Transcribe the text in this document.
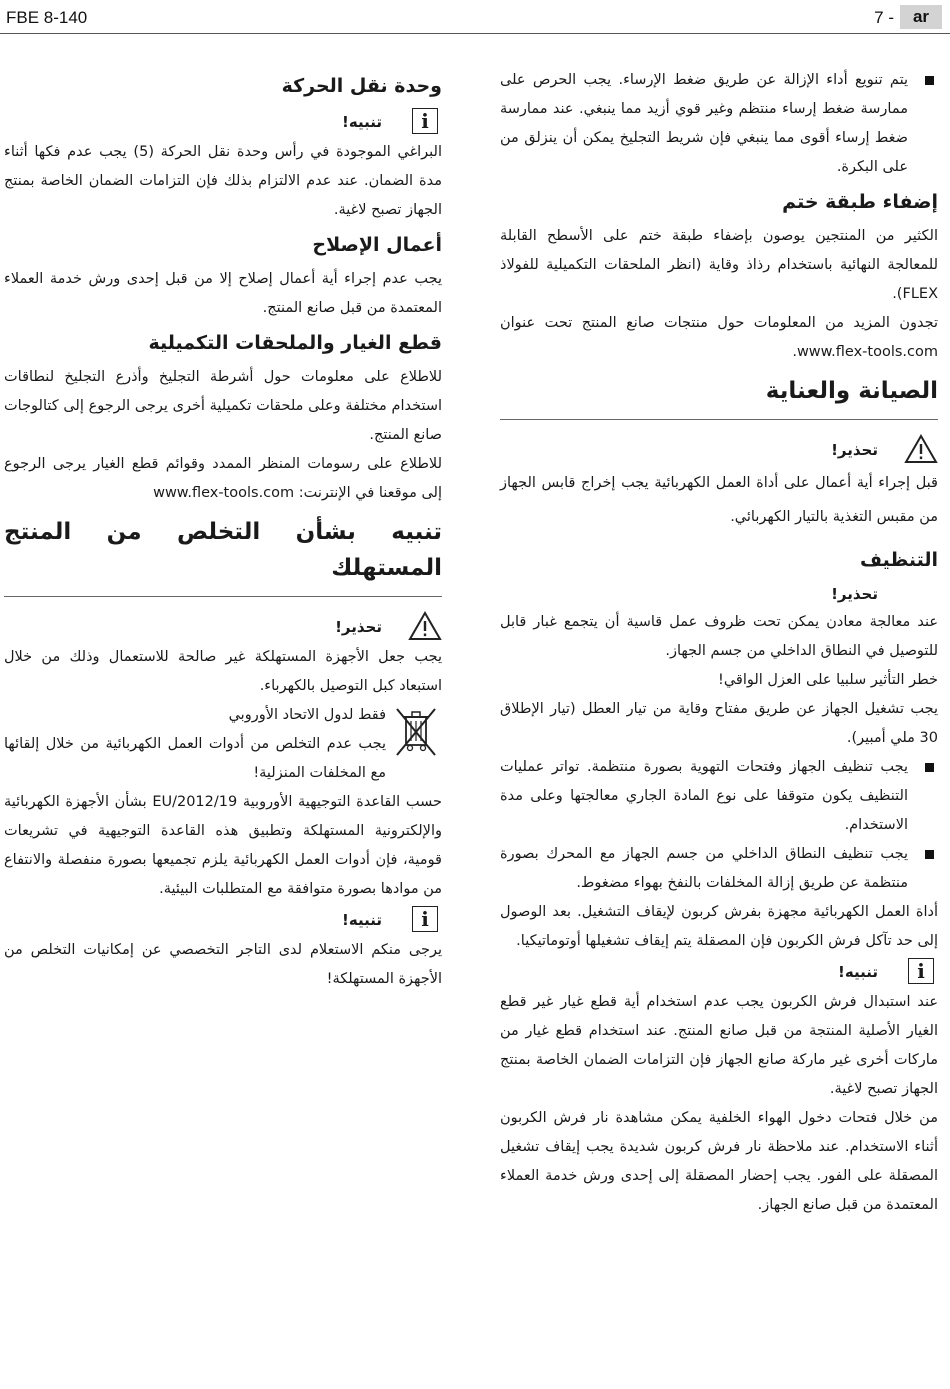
FBE 8-140	7 -	ar

يتم تنويع أداء الإزالة عن طريق ضغط الإرساء. يجب الحرص على ممارسة ضغط إرساء منتظم وغير قوي أزيد مما ينبغي. عند ممارسة ضغط إرساء أقوى مما ينبغي فإن شريط التجليخ يمكن أن ينزلق من على البكرة.

إضفاء طبقة ختم

الكثير من المنتجين يوصون بإضفاء طبقة ختم على الأسطح القابلة للمعالجة النهائية باستخدام رذاذ وقاية (انظر الملحقات التكميلية للفولاذ FLEX).

تجدون المزيد من المعلومات حول منتجات صانع المنتج تحت عنوان www.flex-tools.com.

الصيانة والعناية
تحذير!

قبل إجراء أية أعمال على أداة العمل الكهربائية يجب إخراج قابس الجهاز من مقبس التغذية بالتيار الكهربائي.

التنظيف
تحذير!

عند معالجة معادن يمكن تحت ظروف عمل قاسية أن يتجمع غبار قابل للتوصيل في النطاق الداخلي من جسم الجهاز.

خطر التأثير سلبيا على العزل الواقي!

يجب تشغيل الجهاز عن طريق مفتاح وقاية من تيار العطل (تيار الإطلاق 30 ملي أمبير).

يجب تنظيف الجهاز وفتحات التهوية بصورة منتظمة. تواتر عمليات التنظيف يكون متوقفا على نوع المادة الجاري معالجتها وعلى مدة الاستخدام.

يجب تنظيف النطاق الداخلي من جسم الجهاز مع المحرك بصورة منتظمة عن طريق إزالة المخلفات بالنفخ بهواء مضغوط.

أداة العمل الكهربائية مجهزة بفرش كربون لإيقاف التشغيل. بعد الوصول إلى حد تآكل فرش الكربون فإن المصقلة يتم إيقاف تشغيلها أوتوماتيكيا.

i
تنبيه!

عند استبدال فرش الكربون يجب عدم استخدام أية قطع غيار غير قطع الغيار الأصلية المنتجة من قبل صانع المنتج. عند استخدام قطع غيار من ماركات أخرى غير ماركة صانع الجهاز فإن التزامات الضمان الخاصة بمنتج الجهاز تصبح لاغية.

من خلال فتحات دخول الهواء الخلفية يمكن مشاهدة نار فرش الكربون أثناء الاستخدام. عند ملاحظة نار فرش كربون شديدة يجب إيقاف تشغيل المصقلة على الفور. يجب إحضار المصقلة إلى إحدى ورش خدمة العملاء المعتمدة من قبل صانع الجهاز.

وحدة نقل الحركة
i
تنبيه!

البراغي الموجودة في رأس وحدة نقل الحركة (5) يجب عدم فكها أثناء مدة الضمان. عند عدم الالتزام بذلك فإن التزامات الضمان الخاصة بمنتج الجهاز تصبح لاغية.

أعمال الإصلاح

يجب عدم إجراء أية أعمال إصلاح إلا من قبل إحدى ورش خدمة العملاء المعتمدة من قبل صانع المنتج.

قطع الغيار والملحقات التكميلية

للاطلاع على معلومات حول أشرطة التجليخ وأذرع التجليخ لنطاقات استخدام مختلفة وعلى ملحقات تكميلية أخرى يرجى الرجوع إلى كتالوجات صانع المنتج.

للاطلاع على رسومات المنظر الممدد وقوائم قطع الغيار يرجى الرجوع إلى موقعنا في الإنترنت: www.flex-tools.com

تنبيه بشأن التخلص من المنتج المستهلك
تحذير!

يجب جعل الأجهزة المستهلكة غير صالحة للاستعمال وذلك من خلال استبعاد كبل التوصيل بالكهرباء.

فقط لدول الاتحاد الأوروبي

يجب عدم التخلص من أدوات العمل الكهربائية من خلال إلقائها مع المخلفات المنزلية!

حسب القاعدة التوجيهية الأوروبية 2012/19/EU بشأن الأجهزة الكهربائية والإلكترونية المستهلكة وتطبيق هذه القاعدة التوجيهية في تشريعات قومية، فإن أدوات العمل الكهربائية يلزم تجميعها بصورة منفصلة والانتفاع من موادها بصورة متوافقة مع المتطلبات البيئية.

i
تنبيه!

يرجى منكم الاستعلام لدى التاجر التخصصي عن إمكانيات التخلص من الأجهزة المستهلكة!
